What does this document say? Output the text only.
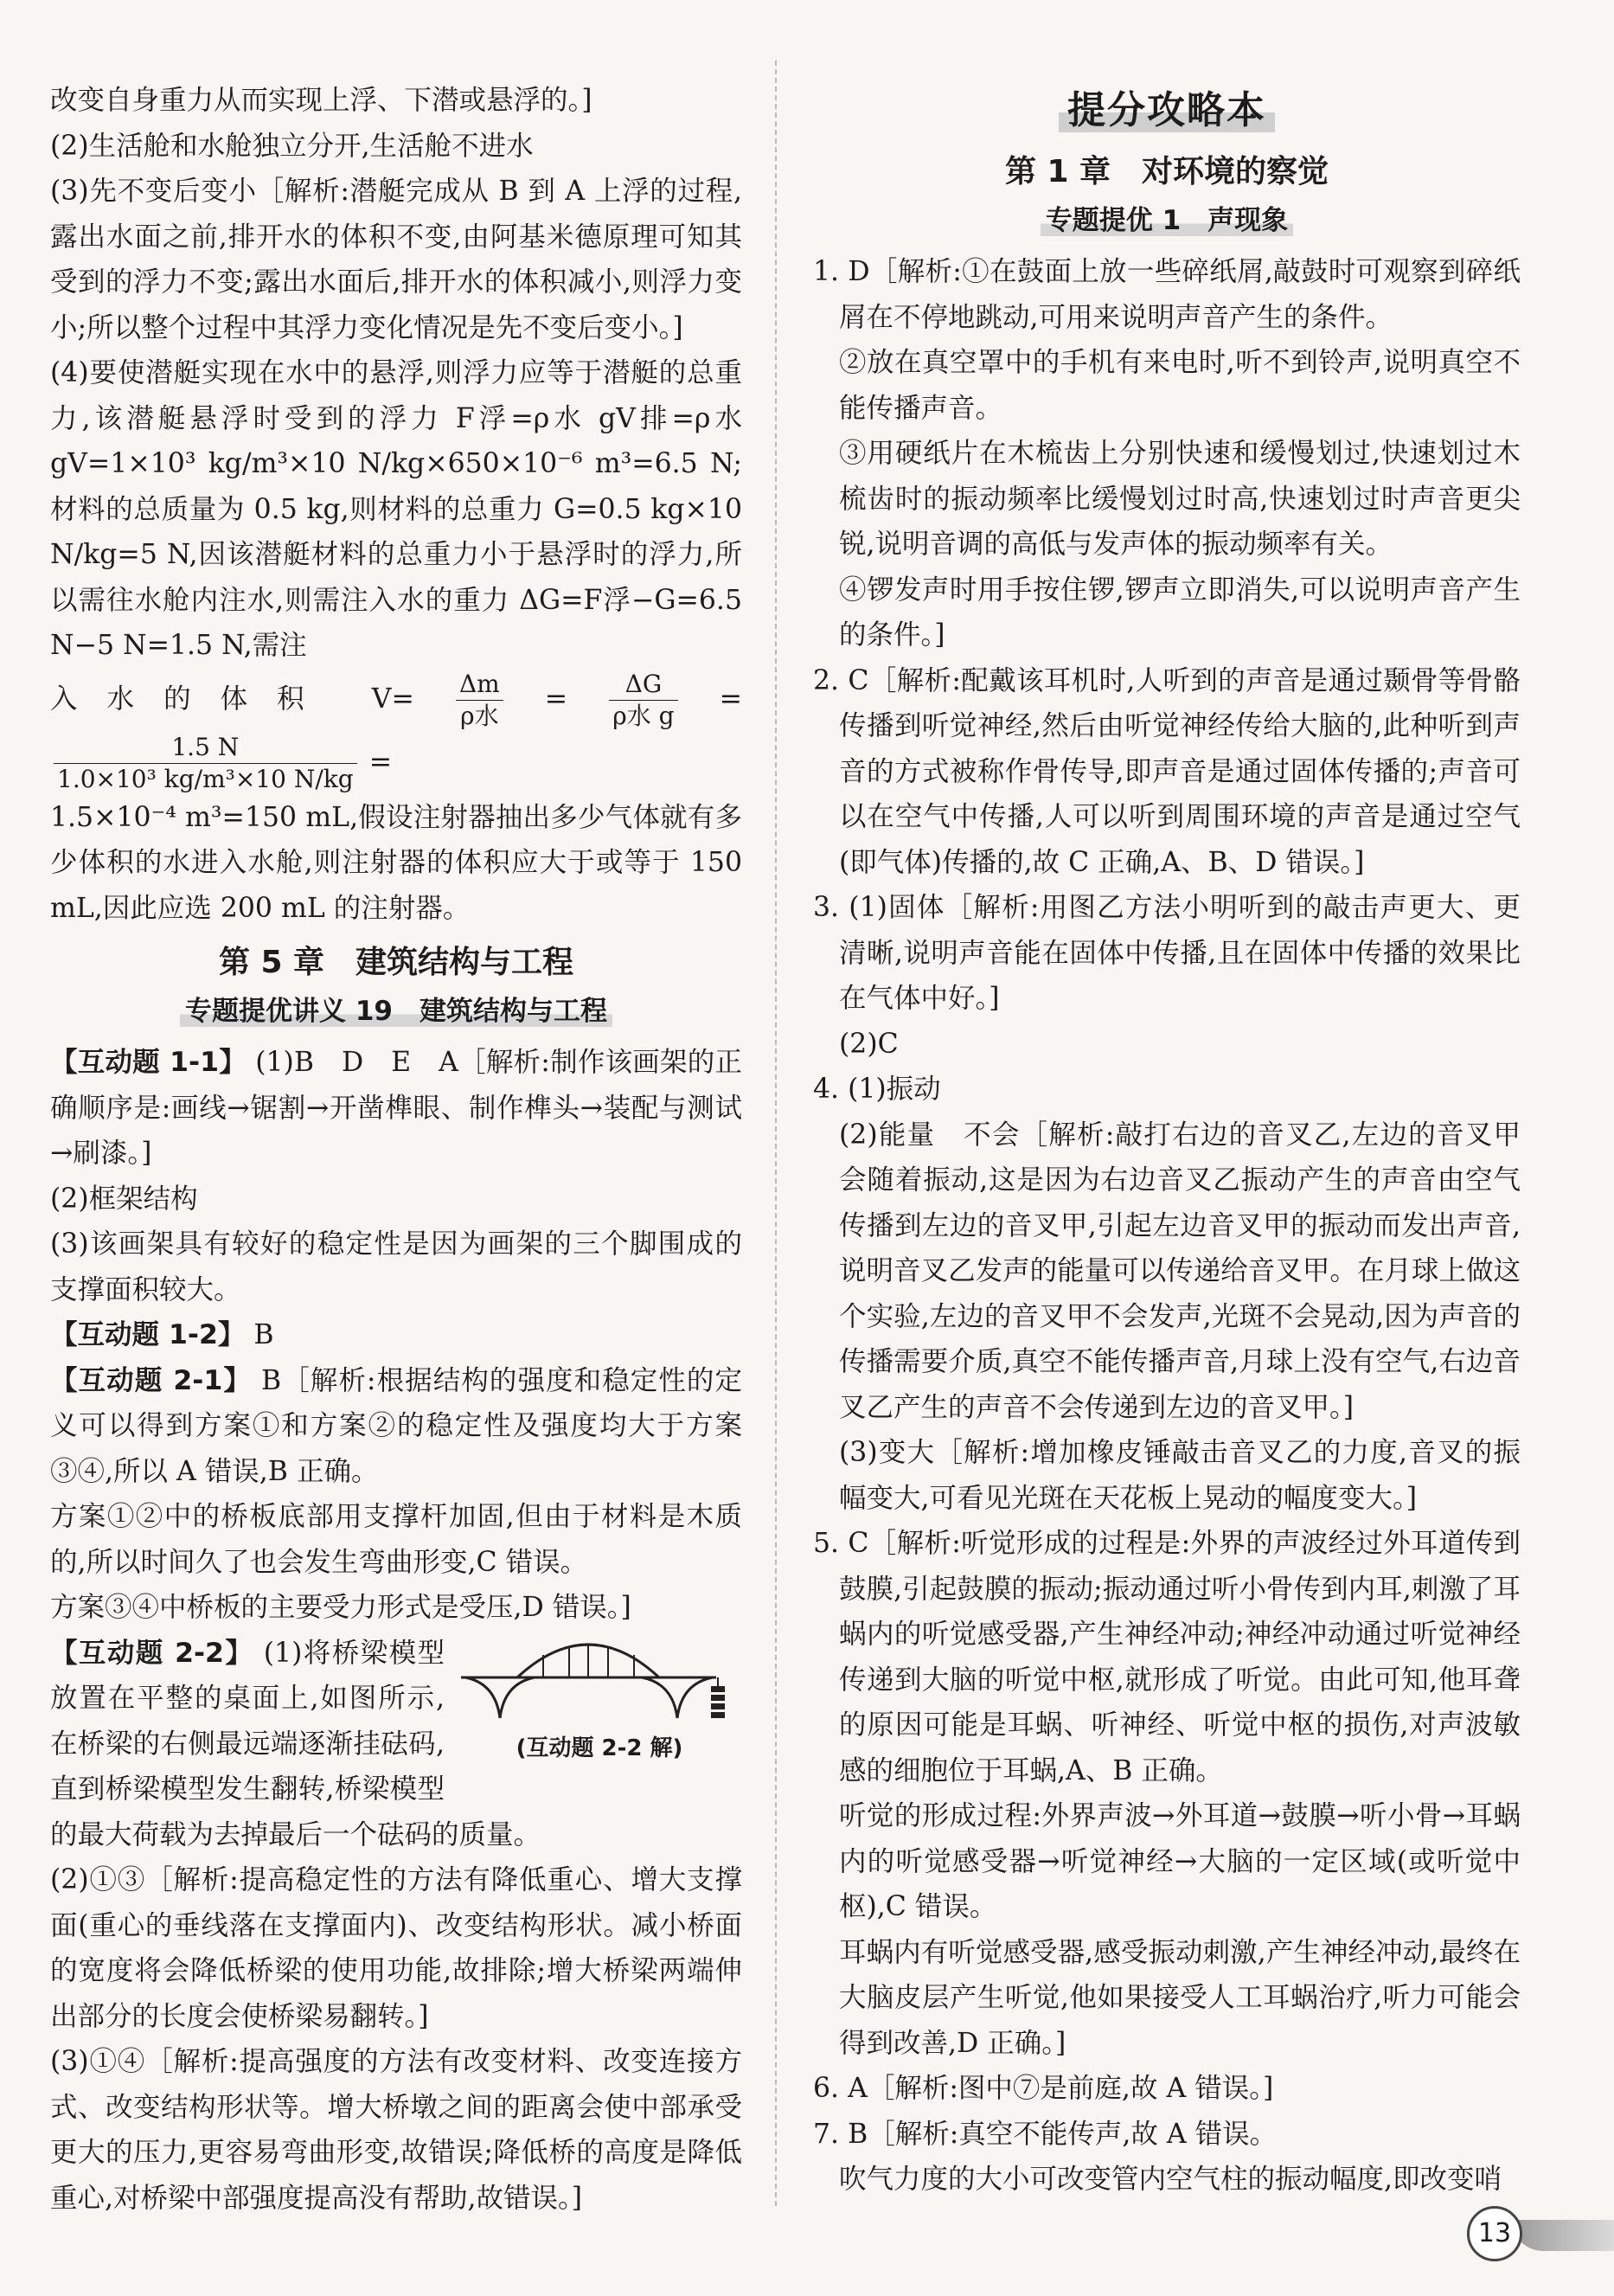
改变自身重力从而实现上浮、下潜或悬浮的。]

(2)生活舱和水舱独立分开,生活舱不进水

(3)先不变后变小［解析:潜艇完成从 B 到 A 上浮的过程,露出水面之前,排开水的体积不变,由阿基米德原理可知其受到的浮力不变;露出水面后,排开水的体积减小,则浮力变小;所以整个过程中其浮力变化情况是先不变后变小。]

(4)要使潜艇实现在水中的悬浮,则浮力应等于潜艇的总重力,该潜艇悬浮时受到的浮力 F浮=ρ水 gV排=ρ水 gV=1×10³ kg/m³×10 N/kg×650×10⁻⁶ m³=6.5 N;材料的总质量为 0.5 kg,则材料的总重力 G=0.5 kg×10 N/kg=5 N,因该潜艇材料的总重力小于悬浮时的浮力,所以需往水舱内注水,则需注入水的重力 ΔG=F浮−G=6.5 N−5 N=1.5 N,需注

入水的体积 $V= \frac{\Delta m}{\text{ρ水}} = \frac{\Delta G}{\text{ρ水 g}}$ =
$\frac{1.5 N}{\text{1.0×10³ kg/m³×10 N/kg}}$ =

1.5×10⁻⁴ m³=150 mL,假设注射器抽出多少气体就有多少体积的水进入水舱,则注射器的体积应大于或等于 150 mL,因此应选 200 mL 的注射器。

第 5 章　建筑结构与工程
专题提优讲义 19　建筑结构与工程

【互动题 1-1】 (1)B　D　E　A［解析:制作该画架的正确顺序是:画线→锯割→开凿榫眼、制作榫头→装配与测试→刷漆。]

(2)框架结构

(3)该画架具有较好的稳定性是因为画架的三个脚围成的支撑面积较大。

【互动题 1-2】 B

【互动题 2-1】 B［解析:根据结构的强度和稳定性的定义可以得到方案①和方案②的稳定性及强度均大于方案③④,所以 A 错误,B 正确。

方案①②中的桥板底部用支撑杆加固,但由于材料是木质的,所以时间久了也会发生弯曲形变,C 错误。

方案③④中桥板的主要受力形式是受压,D 错误。]

(互动题 2-2 解)

【互动题 2-2】 (1)将桥梁模型放置在平整的桌面上,如图所示,在桥梁的右侧最远端逐渐挂砝码,直到桥梁模型发生翻转,桥梁模型的最大荷载为去掉最后一个砝码的质量。

(2)①③［解析:提高稳定性的方法有降低重心、增大支撑面(重心的垂线落在支撑面内)、改变结构形状。减小桥面的宽度将会降低桥梁的使用功能,故排除;增大桥梁两端伸出部分的长度会使桥梁易翻转。]

(3)①④［解析:提高强度的方法有改变材料、改变连接方式、改变结构形状等。增大桥墩之间的距离会使中部承受更大的压力,更容易弯曲形变,故错误;降低桥的高度是降低重心,对桥梁中部强度提高没有帮助,故错误。]

提分攻略本
第 1 章　对环境的察觉
专题提优 1　声现象

1. D［解析:①在鼓面上放一些碎纸屑,敲鼓时可观察到碎纸屑在不停地跳动,可用来说明声音产生的条件。

②放在真空罩中的手机有来电时,听不到铃声,说明真空不能传播声音。

③用硬纸片在木梳齿上分别快速和缓慢划过,快速划过木梳齿时的振动频率比缓慢划过时高,快速划过时声音更尖锐,说明音调的高低与发声体的振动频率有关。

④锣发声时用手按住锣,锣声立即消失,可以说明声音产生的条件。]

2. C［解析:配戴该耳机时,人听到的声音是通过颞骨等骨骼传播到听觉神经,然后由听觉神经传给大脑的,此种听到声音的方式被称作骨传导,即声音是通过固体传播的;声音可以在空气中传播,人可以听到周围环境的声音是通过空气(即气体)传播的,故 C 正确,A、B、D 错误。]

3. (1)固体［解析:用图乙方法小明听到的敲击声更大、更清晰,说明声音能在固体中传播,且在固体中传播的效果比在气体中好。]

(2)C

4. (1)振动

(2)能量　不会［解析:敲打右边的音叉乙,左边的音叉甲会随着振动,这是因为右边音叉乙振动产生的声音由空气传播到左边的音叉甲,引起左边音叉甲的振动而发出声音,说明音叉乙发声的能量可以传递给音叉甲。在月球上做这个实验,左边的音叉甲不会发声,光斑不会晃动,因为声音的传播需要介质,真空不能传播声音,月球上没有空气,右边音叉乙产生的声音不会传递到左边的音叉甲。]

(3)变大［解析:增加橡皮锤敲击音叉乙的力度,音叉的振幅变大,可看见光斑在天花板上晃动的幅度变大。]

5. C［解析:听觉形成的过程是:外界的声波经过外耳道传到鼓膜,引起鼓膜的振动;振动通过听小骨传到内耳,刺激了耳蜗内的听觉感受器,产生神经冲动;神经冲动通过听觉神经传递到大脑的听觉中枢,就形成了听觉。由此可知,他耳聋的原因可能是耳蜗、听神经、听觉中枢的损伤,对声波敏感的细胞位于耳蜗,A、B 正确。

听觉的形成过程:外界声波→外耳道→鼓膜→听小骨→耳蜗内的听觉感受器→听觉神经→大脑的一定区域(或听觉中枢),C 错误。

耳蜗内有听觉感受器,感受振动刺激,产生神经冲动,最终在大脑皮层产生听觉,他如果接受人工耳蜗治疗,听力可能会得到改善,D 正确。]

6. A［解析:图中⑦是前庭,故 A 错误。]

7. B［解析:真空不能传声,故 A 错误。

吹气力度的大小可改变管内空气柱的振动幅度,即改变哨

13
